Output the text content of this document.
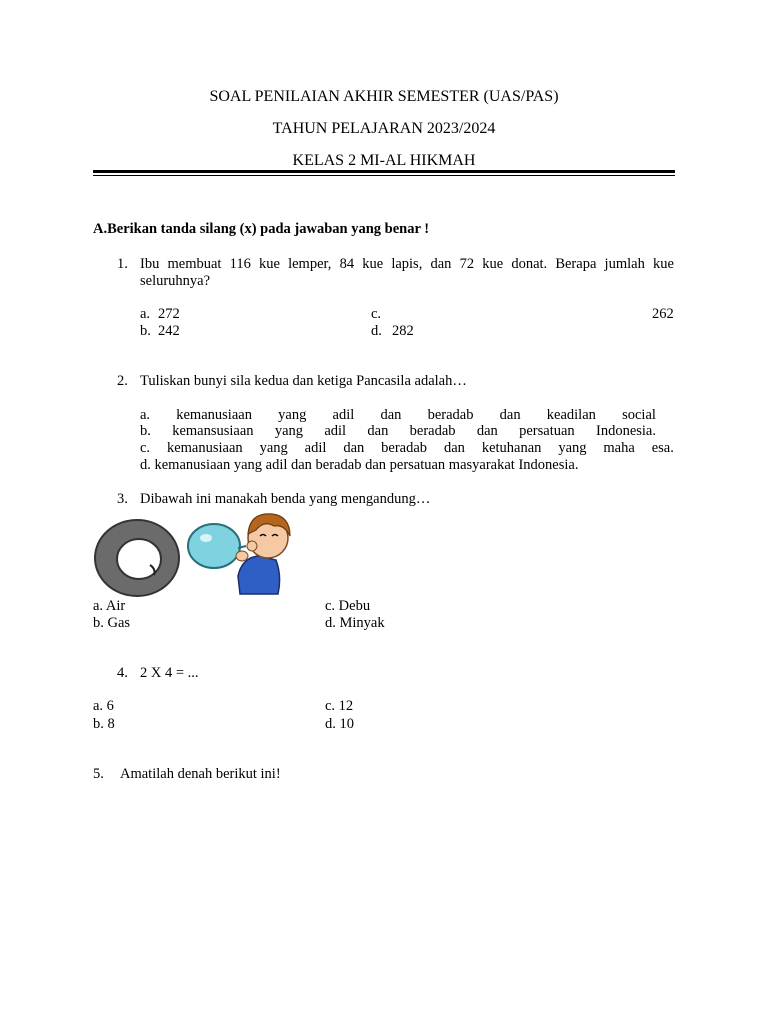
SOAL PENILAIAN AKHIR SEMESTER (UAS/PAS)
TAHUN PELAJARAN 2023/2024
KELAS 2 MI-AL HIKMAH
A.Berikan tanda silang (x) pada jawaban yang benar !
1. Ibu membuat 116 kue lemper, 84 kue lapis, dan 72 kue donat. Berapa jumlah kue
seluruhnya?
a. 272
b. 242
c.	262
d. 282
2. Tuliskan bunyi sila kedua dan ketiga Pancasila adalah…
a. kemanusiaan yang adil dan beradab dan keadilan social
b. kemansusiaan yang adil dan beradab dan persatuan Indonesia.
c. kemanusiaan yang adil dan beradab dan ketuhanan yang maha esa.
d. kemanusiaan yang adil dan beradab dan persatuan masyarakat Indonesia.
3. Dibawah ini manakah benda yang mengandung…
a. Air
b. Gas
c. Debu
d. Minyak
4. 2 X 4 = ...
a. 6
b. 8
c. 12
d. 10
5. Amatilah denah berikut ini!
